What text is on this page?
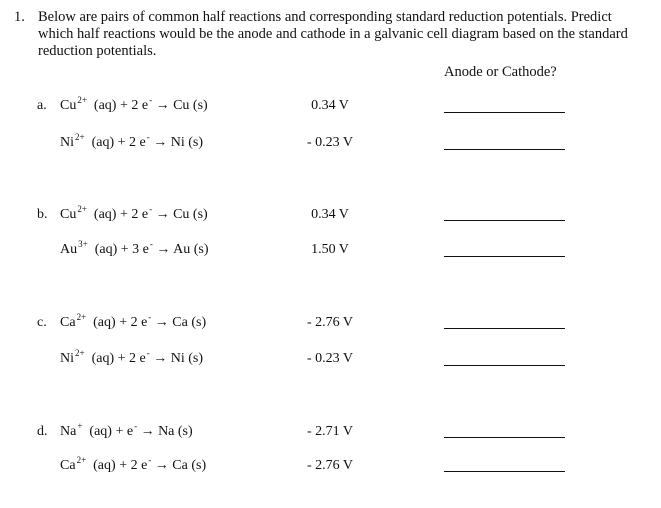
1. Below are pairs of common half reactions and corresponding standard reduction potentials. Predict which half reactions would be the anode and cathode in a galvanic cell diagram based on the standard reduction potentials.
Anode or Cathode?
a. $Cu^{2+}$ (aq) + 2 e- → Cu (s)	0.34 V
$Ni^{2+}$ (aq) + 2 e- → Ni (s)	- 0.23 V
b. $Cu^{2+}$ (aq) + 2 e- → Cu (s)	0.34 V
$Au^{3+}$ (aq) + 3 e- → Au (s)	1.50 V
c. $Ca^{2+}$ (aq) + 2 e- → Ca (s)	- 2.76 V
$Ni^{2+}$ (aq) + 2 e- → Ni (s)	- 0.23 V
d. Na+ (aq) + e- → Na (s)	- 2.71 V
$Ca^{2+}$ (aq) + 2 e- → Ca (s)	- 2.76 V
